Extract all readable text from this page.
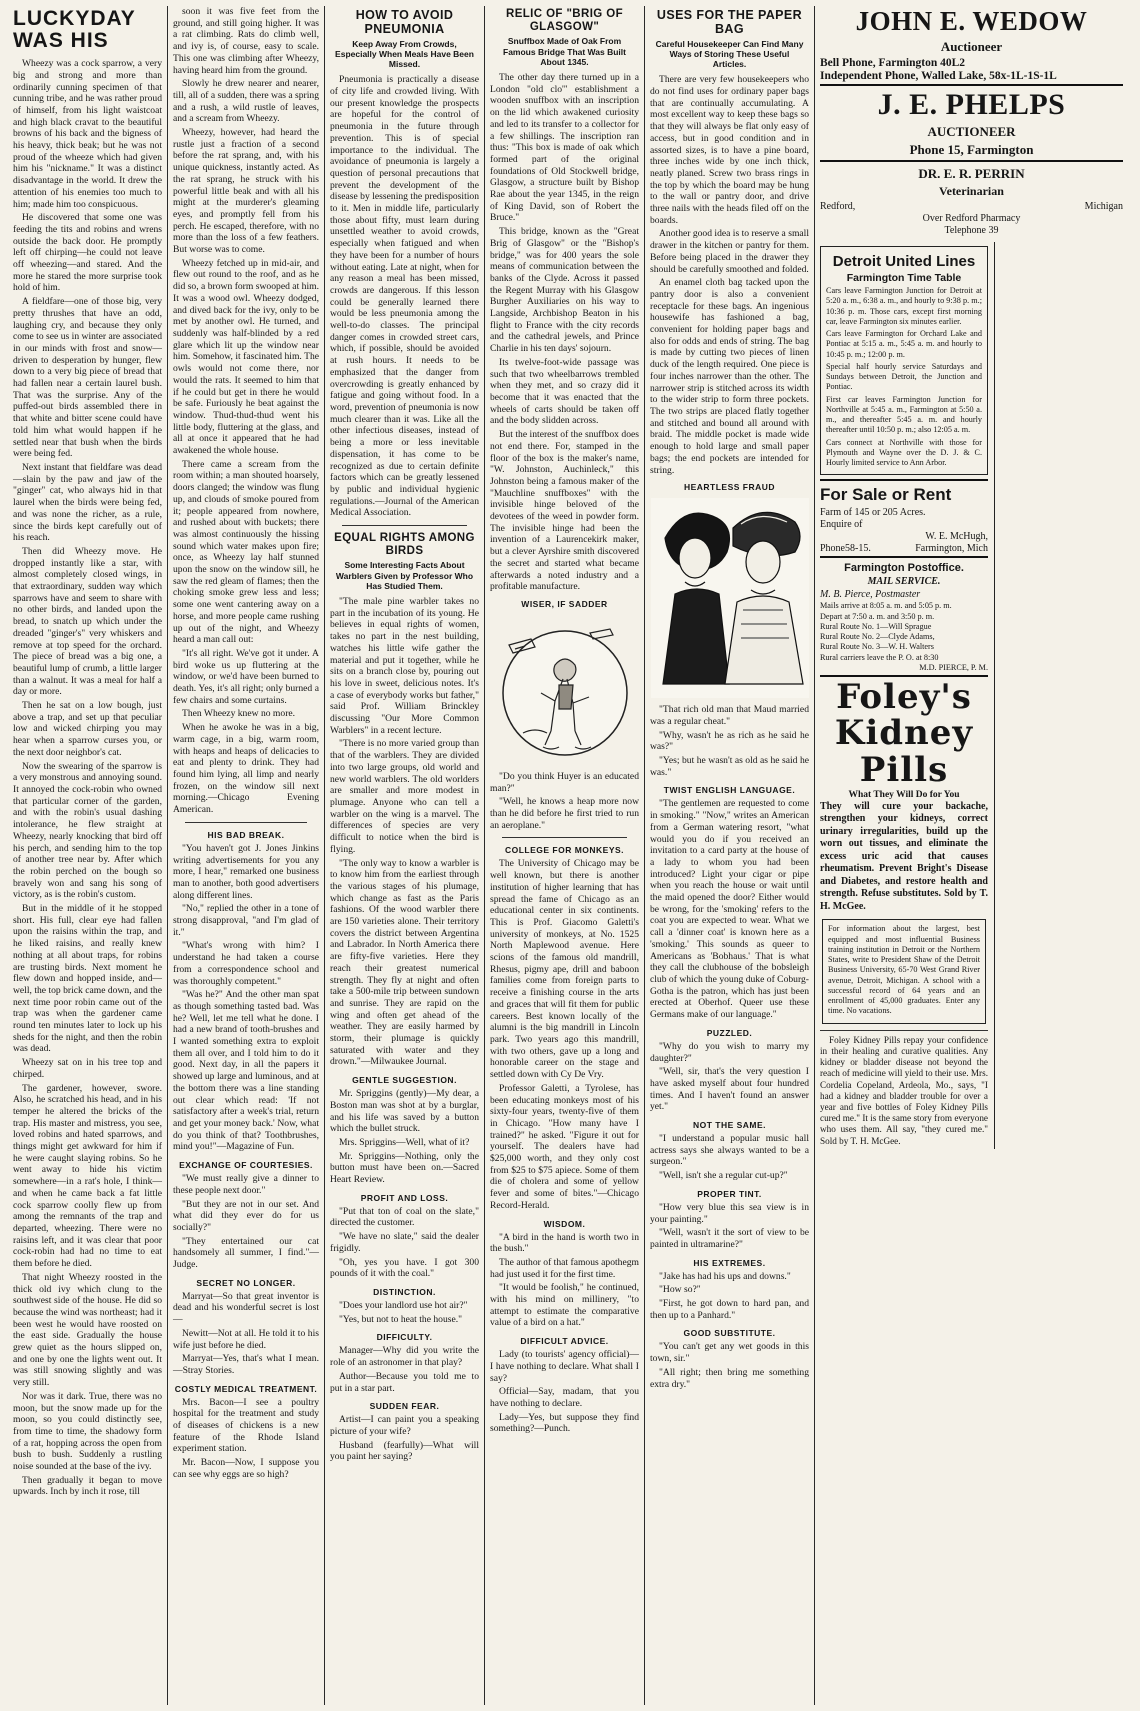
LUCKYDAY WAS HIS

Wheezy was a cock sparrow, a very big and strong and more than ordinarily cunning specimen of that cunning tribe, and he was rather proud of himself, from his light waistcoat and high black cravat to the beautiful browns of his back and the bigness of his heavy, thick beak; but he was not proud of the wheeze which had given him his "nickname." It was a distinct disadvantage in the world. It drew the attention of his enemies too much to him; made him too conspicuous.

He discovered that some one was feeding the tits and robins and wrens outside the back door. He promptly left off chirping—he could not leave off wheezing—and stared. And the more he stared the more surprise took hold of him.

A fieldfare—one of those big, very pretty thrushes that have an odd, laughing cry, and because they only come to see us in winter are associated in our minds with frost and snow—driven to desperation by hunger, flew down to a very big piece of bread that had fallen near a certain laurel bush. That was the surprise. Any of the puffed-out birds assembled there in that white and bitter scene could have told him what would happen if he settled near that bush when the birds were being fed.

Next instant that fieldfare was dead—slain by the paw and jaw of the "ginger" cat, who always hid in that laurel when the birds were being fed, and was none the richer, as a rule, since the birds kept carefully out of his reach.

Then did Wheezy move. He dropped instantly like a star, with almost completely closed wings, in that extraordinary, sudden way which sparrows have and seem to share with no other birds, and landed upon the bread, to snatch up which under the dreaded "ginger's" very whiskers and remove at top speed for the orchard. The piece of bread was a big one, a beautiful lump of crumb, a little larger than a walnut. It was a meal for half a day or more.

Then he sat on a low bough, just above a trap, and set up that peculiar low and wicked chirping you may hear when a sparrow curses you, or the next door neighbor's cat.

Now the swearing of the sparrow is a very monstrous and annoying sound. It annoyed the cock-robin who owned that particular corner of the garden, and with the robin's usual dashing intolerance, he flew straight at Wheezy, nearly knocking that bird off his perch, and sending him to the top of another tree near by. After which the robin perched on the bough so bravely won and sang his song of victory, as is the robin's custom.

But in the middle of it he stopped short. His full, clear eye had fallen upon the raisins within the trap, and he liked raisins, and really knew nothing at all about traps, for robins are trusting birds. Next moment he flew down and hopped inside, and—well, the top brick came down, and the next time poor robin came out of the trap was when the gardener came round ten minutes later to lock up his sheds for the night, and then the robin was dead.

Wheezy sat on in his tree top and chirped.

The gardener, however, swore. Also, he scratched his head, and in his temper he altered the bricks of the trap. His master and mistress, you see, loved robins and hated sparrows, and things might get awkward for him if he were caught slaying robins. So he went away to hide his victim somewhere—in a rat's hole, I think—and when he came back a fat little cock sparrow coolly flew up from among the remnants of the trap and departed, wheezing. There were no raisins left, and it was clear that poor cock-robin had had no time to eat them before he died.

That night Wheezy roosted in the thick old ivy which clung to the southwest side of the house. He did so because the wind was northeast; had it been west he would have roosted on the east side. Gradually the house grew quiet as the hours slipped on, and one by one the lights went out. It was still snowing slightly and was very still.

Nor was it dark. True, there was no moon, but the snow made up for the moon, so you could distinctly see, from time to time, the shadowy form of a rat, hopping across the open from bush to bush. Suddenly a rustling noise sounded at the base of the ivy.

Then gradually it began to move upwards. Inch by inch it rose, till

soon it was five feet from the ground, and still going higher. It was a rat climbing. Rats do climb well, and ivy is, of course, easy to scale. This one was climbing after Wheezy, having heard him from the ground.

Slowly he drew nearer and nearer, till, all of a sudden, there was a spring and a rush, a wild rustle of leaves, and a scream from Wheezy.

Wheezy, however, had heard the rustle just a fraction of a second before the rat sprang, and, with his unique quickness, instantly acted. As the rat sprang, he struck with his powerful little beak and with all his might at the murderer's gleaming eyes, and promptly fell from his perch. He escaped, therefore, with no more than the loss of a few feathers. But worse was to come.

Wheezy fetched up in mid-air, and flew out round to the roof, and as he did so, a brown form swooped at him. It was a wood owl. Wheezy dodged, and dived back for the ivy, only to be met by another owl. He turned, and suddenly was half-blinded by a red glare which lit up the window near him. Somehow, it fascinated him. The owls would not come there, nor would the rats. It seemed to him that if he could but get in there he would be safe. Furiously he beat against the window. Thud-thud-thud went his little body, fluttering at the glass, and all at once it appeared that he had awakened the whole house.

There came a scream from the room within; a man shouted hoarsely, doors clanged; the window was flung up, and clouds of smoke poured from it; people appeared from nowhere, and rushed about with buckets; there was almost continuously the hissing sound which water makes upon fire; once, as Wheezy lay half stunned upon the snow on the window sill, he saw the red gleam of flames; then the choking smoke grew less and less; some one went cantering away on a horse, and more people came rushing up out of the night, and Wheezy heard a man call out:

"It's all right. We've got it under. A bird woke us up fluttering at the window, or we'd have been burned to death. Yes, it's all right; only burned a few chairs and some curtains.

Then Wheezy knew no more.

When he awoke he was in a big, warm cage, in a big, warm room, with heaps and heaps of delicacies to eat and plenty to drink. They had found him lying, all limp and nearly frozen, on the window sill next morning.—Chicago Evening American.

HIS BAD BREAK.

"You haven't got J. Jones Jinkins writing advertisements for you any more, I hear," remarked one business man to another, both good advertisers along different lines.

"No," replied the other in a tone of strong disapproval, "and I'm glad of it."

"What's wrong with him? I understand he had taken a course from a correspondence school and was thoroughly competent."

"Was he?" And the other man spat as though something tasted bad. Was he? Well, let me tell what he done. I had a new brand of tooth-brushes and I wanted something extra to exploit them all over, and I told him to do it good. Next day, in all the papers it showed up large and luminous, and at the bottom there was a line standing out clear which read: 'If not satisfactory after a week's trial, return and get your money back.' Now, what do you think of that? Toothbrushes, mind you!"—Magazine of Fun.

EXCHANGE OF COURTESIES.

"We must really give a dinner to these people next door."

"But they are not in our set. And what did they ever do for us socially?"

"They entertained our cat handsomely all summer, I find."—Judge.

SECRET NO LONGER.

Marryat—So that great inventor is dead and his wonderful secret is lost—

Newitt—Not at all. He told it to his wife just before he died.

Marryat—Yes, that's what I mean.—Stray Stories.

COSTLY MEDICAL TREATMENT.

Mrs. Bacon—I see a poultry hospital for the treatment and study of diseases of chickens is a new feature of the Rhode Island experiment station.

Mr. Bacon—Now, I suppose you can see why eggs are so high?

HOW TO AVOID PNEUMONIA
Keep Away From Crowds, Especially When Meals Have Been Missed.

Pneumonia is practically a disease of city life and crowded living. With our present knowledge the prospects are hopeful for the control of pneumonia in the future through prevention. This is of special importance to the individual. The avoidance of pneumonia is largely a question of personal precautions that prevent the development of the disease by lessening the predisposition to it. Men in middle life, particularly those about fifty, must learn during unsettled weather to avoid crowds, especially when fatigued and when they have been for a number of hours without eating. Late at night, when for any reason a meal has been missed, crowds are dangerous. If this lesson could be generally learned there would be less pneumonia among the well-to-do classes. The principal danger comes in crowded street cars, which, if possible, should be avoided at rush hours. It needs to be emphasized that the danger from overcrowding is greatly enhanced by fatigue and going without food. In a word, prevention of pneumonia is now much clearer than it was. Like all the other infectious diseases, instead of being a more or less inevitable dispensation, it has come to be recognized as due to certain definite factors which can be greatly lessened by public and individual hygienic regulations.—Journal of the American Medical Association.

EQUAL RIGHTS AMONG BIRDS
Some Interesting Facts About Warblers Given by Professor Who Has Studied Them.

"The male pine warbler takes no part in the incubation of its young. He believes in equal rights of women, takes no part in the nest building, watches his little wife gather the material and put it together, while he sits on a branch close by, pouring out his love in sweet, delicious notes. It's a case of everybody works but father," said Prof. William Brinckley discussing "Our More Common Warblers" in a recent lecture.

"There is no more varied group than that of the warblers. They are divided into two large groups, old world and new world warblers. The old worlders are smaller and more modest in plumage. Anyone who can tell a warbler on the wing is a marvel. The differences of species are very difficult to notice when the bird is flying.

"The only way to know a warbler is to know him from the earliest through the various stages of his plumage, which change as fast as the Paris fashions. Of the wood warbler there are 150 varieties alone. Their territory covers the district between Argentina and Labrador. In North America there are fifty-five varieties. Here they reach their greatest numerical strength. They fly at night and often take a 500-mile trip between sundown and sunrise. They are rapid on the wing and often get ahead of the weather. They are easily harmed by storm, their plumage is quickly saturated with water and they drown."—Milwaukee Journal.

GENTLE SUGGESTION.

Mr. Spriggins (gently)—My dear, a Boston man was shot at by a burglar, and his life was saved by a button which the bullet struck.

Mrs. Spriggins—Well, what of it?

Mr. Spriggins—Nothing, only the button must have been on.—Sacred Heart Review.

PROFIT AND LOSS.

"Put that ton of coal on the slate," directed the customer.

"We have no slate," said the dealer frigidly.

"Oh, yes you have. I got 300 pounds of it with the coal."

DISTINCTION.

"Does your landlord use hot air?"

"Yes, but not to heat the house."

DIFFICULTY.

Manager—Why did you write the role of an astronomer in that play?

Author—Because you told me to put in a star part.

SUDDEN FEAR.

Artist—I can paint you a speaking picture of your wife?

Husband (fearfully)—What will you paint her saying?

RELIC OF "BRIG OF GLASGOW"
Snuffbox Made of Oak From Famous Bridge That Was Built About 1345.

The other day there turned up in a London "old clo'" establishment a wooden snuffbox with an inscription on the lid which awakened curiosity and led to its transfer to a collector for a few shillings. The inscription ran thus: "This box is made of oak which formed part of the original foundations of Old Stockwell bridge, Glasgow, a structure built by Bishop Rae about the year 1345, in the reign of King David, son of Robert the Bruce."

This bridge, known as the "Great Brig of Glasgow" or the "Bishop's bridge," was for 400 years the sole means of communication between the banks of the Clyde. Across it passed the Regent Murray with his Glasgow Burgher Auxiliaries on his way to Langside, Archbishop Beaton in his flight to France with the city records and the cathedral jewels, and Prince Charlie in his ten days' sojourn.

Its twelve-foot-wide passage was such that two wheelbarrows trembled when they met, and so crazy did it become that it was enacted that the wheels of carts should be taken off and the body slidden across.

But the interest of the snuffbox does not end there. For, stamped in the floor of the box is the maker's name, "W. Johnston, Auchinleck," this Johnston being a famous maker of the "Mauchline snuffboxes" with the invisible hinge beloved of the devotees of the weed in powder form. The invisible hinge had been the invention of a Laurencekirk maker, but a clever Ayrshire smith discovered the secret and started what became afterwards a noted industry and a profitable manufacture.

WISER, IF SADDER

"Do you think Huyer is an educated man?"

"Well, he knows a heap more now than he did before he first tried to run an aeroplane."

COLLEGE FOR MONKEYS.

The University of Chicago may be well known, but there is another institution of higher learning that has spread the fame of Chicago as an educational center in six continents. This is Prof. Giacomo Galetti's university of monkeys, at No. 1525 North Maplewood avenue. Here scions of the famous old mandrill, Rhesus, pigmy ape, drill and baboon families come from foreign parts to receive a finishing course in the arts and graces that will fit them for public careers. Best known locally of the alumni is the big mandrill in Lincoln park. Two years ago this mandrill, with two others, gave up a long and honorable career on the stage and settled down with Cy De Vry.

Professor Galetti, a Tyrolese, has been educating monkeys most of his sixty-four years, twenty-five of them in Chicago. "How many have I trained?" he asked. "Figure it out for yourself. The dealers have had $25,000 worth, and they only cost from $25 to $75 apiece. Some of them die of cholera and some of yellow fever and some of bites."—Chicago Record-Herald.

WISDOM.

"A bird in the hand is worth two in the bush."

The author of that famous apothegm had just used it for the first time.

"It would be foolish," he continued, with his mind on millinery, "to attempt to estimate the comparative value of a bird on a hat."

DIFFICULT ADVICE.

Lady (to tourists' agency official)—I have nothing to declare. What shall I say?

Official—Say, madam, that you have nothing to declare.

Lady—Yes, but suppose they find something?—Punch.

USES FOR THE PAPER BAG
Careful Housekeeper Can Find Many Ways of Storing These Useful Articles.

There are very few housekeepers who do not find uses for ordinary paper bags that are continually accumulating. A most excellent way to keep these bags so that they will always be flat only easy of access, but in good condition and in assorted sizes, is to have a pine board, three inches wide by one inch thick, neatly planed. Screw two brass rings in the top by which the board may be hung to the wall or pantry door, and drive three nails with the heads filed off on the boards.

Another good idea is to reserve a small drawer in the kitchen or pantry for them. Before being placed in the drawer they should be carefully smoothed and folded.

An enamel cloth bag tacked upon the pantry door is also a convenient receptacle for these bags. An ingenious housewife has fashioned a bag, convenient for holding paper bags and also for odds and ends of string. The bag is made by cutting two pieces of linen duck of the length required. One piece is four inches narrower than the other. The narrower strip is stitched across its width to the wider strip to form three pockets. The two strips are placed flatly together and stitched and bound all around with braid. The middle pocket is made wide enough to hold large and small paper bags; the end pockets are intended for string.

HEARTLESS FRAUD

"That rich old man that Maud married was a regular cheat."

"Why, wasn't he as rich as he said he was?"

"Yes; but he wasn't as old as he said he was."

TWIST ENGLISH LANGUAGE.

"The gentlemen are requested to come in smoking." "Now," writes an American from a German watering resort, "what would you do if you received an invitation to a card party at the house of a lady to whom you had been introduced? Light your cigar or pipe when you reach the house or wait until the maid opened the door? Either would be wrong, for the 'smoking' refers to the coat you are expected to wear. What we call a 'dinner coat' is known here as a 'smoking.' This sounds as queer to Americans as 'Bobhaus.' That is what they call the clubhouse of the bobsleigh club of which the young duke of Coburg-Gotha is the patron, which has just been erected at Oberhof. Queer use these Germans make of our language."

PUZZLED.

"Why do you wish to marry my daughter?"

"Well, sir, that's the very question I have asked myself about four hundred times. And I haven't found an answer yet."

NOT THE SAME.

"I understand a popular music hall actress says she always wanted to be a surgeon."

"Well, isn't she a regular cut-up?"

PROPER TINT.

"How very blue this sea view is in your painting."

"Well, wasn't it the sort of view to be painted in ultramarine?"

HIS EXTREMES.

"Jake has had his ups and downs."

"How so?"

"First, he got down to hard pan, and then up to a Panhard."

GOOD SUBSTITUTE.

"You can't get any wet goods in this town, sir."

"All right; then bring me something extra dry."

JOHN E. WEDOW
Auctioneer
Bell Phone, Farmington 40L2
Independent Phone, Walled Lake, 58x-1L-1S-1L
J. E. PHELPS
AUCTIONEER
Phone 15, Farmington
DR. E. R. PERRIN
Veterinarian
Redford,	Michigan
Over Redford Pharmacy
Telephone 39
Detroit United Lines
Farmington Time Table

Cars leave Farmington Junction for Detroit at 5:20 a. m., 6:38 a. m., and hourly to 9:38 p. m.; 10:36 p. m. Those cars, except first morning car, leave Farmington six minutes earlier.

Cars leave Farmington for Orchard Lake and Pontiac at 5:15 a. m., 5:45 a. m. and hourly to 10:45 p. m.; 12:00 p. m.

Special half hourly service Saturdays and Sundays between Detroit, the Junction and Pontiac.

First car leaves Farmington Junction for Northville at 5:45 a. m., Farmington at 5:50 a. m., and thereafter 5:45 a. m. and hourly thereafter until 10:50 p. m.; also 12:05 a. m.

Cars connect at Northville with those for Plymouth and Wayne over the D. J. & C. Hourly limited service to Ann Arbor.

For Sale or Rent
Farm of 145 or 205 Acres.
Enquire of
W. E. McHugh,
Phone58-15.	Farmington, Mich
Farmington Postoffice.
MAIL SERVICE.
M. B. Pierce, Postmaster

Mails arrive at 8:05 a. m. and 5:05 p. m.

Depart at 7:50 a. m. and 3:50 p. m.

Rural Route No. 1—Will Sprague

Rural Route No. 2—Clyde Adams,

Rural Route No. 3—W. H. Walters

Rural carriers leave the P. O. at 8:30

M.D. PIERCE, P. M.

Foley's
Kidney
Pills
What They Will Do for You

They will cure your backache, strengthen your kidneys, correct urinary irregularities, build up the worn out tissues, and eliminate the excess uric acid that causes rheumatism. Prevent Bright's Disease and Diabetes, and restore health and strength. Refuse substitutes. Sold by T. H. McGee.

For information about the largest, best equipped and most influential Business training institution in Detroit or the Northern States, write to President Shaw of the Detroit Business University, 65-70 West Grand River avenue, Detroit, Michigan. A school with a successful record of 64 years and an enrollment of 45,000 graduates. Enter any time. No vacations.

Foley Kidney Pills repay your confidence in their healing and curative qualities. Any kidney or bladder disease not beyond the reach of medicine will yield to their use. Mrs. Cordelia Copeland, Ardeola, Mo., says, "I had a kidney and bladder trouble for over a year and five bottles of Foley Kidney Pills cured me." It is the same story from everyone who uses them. All say, "they cured me." Sold by T. H. McGee.
